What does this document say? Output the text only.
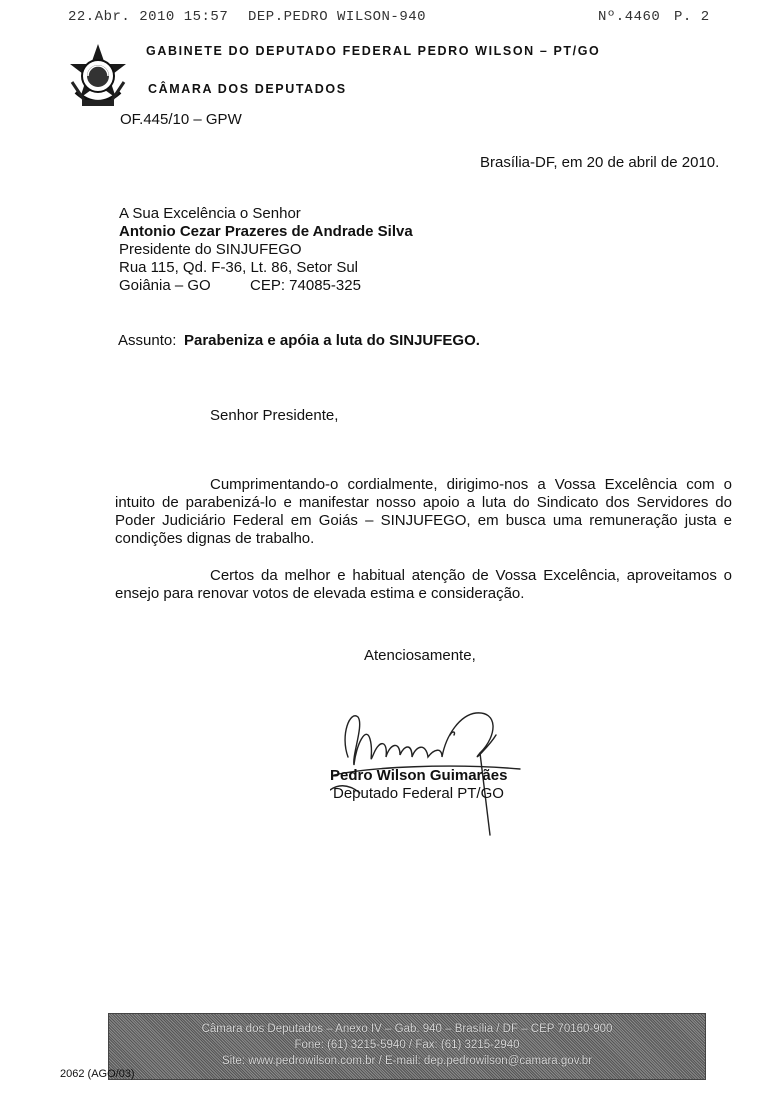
22.Abr. 2010 15:57 DEP.PEDRO WILSON-940	Nº.4460 P. 2
GABINETE DO DEPUTADO FEDERAL PEDRO WILSON – PT/GO
CÂMARA DOS DEPUTADOS
OF.445/10 – GPW
Brasília-DF, em 20 de abril de 2010.
A Sua Excelência o Senhor
Antonio Cezar Prazeres de Andrade Silva
Presidente do SINJUFEGO
Rua 115, Qd. F-36, Lt. 86, Setor Sul
Goiânia – GO	CEP: 74085-325
Assunto: Parabeniza e apóia a luta do SINJUFEGO.
Senhor Presidente,
Cumprimentando-o cordialmente, dirigimo-nos a Vossa Excelência com o intuito de parabenizá-lo e manifestar nosso apoio a luta do Sindicato dos Servidores do Poder Judiciário Federal em Goiás – SINJUFEGO, em busca uma remuneração justa e condições dignas de trabalho.
Certos da melhor e habitual atenção de Vossa Excelência, aproveitamos o ensejo para renovar votos de elevada estima e consideração.
Atenciosamente,
Pedro Wilson Guimarães
Deputado Federal PT/GO
Câmara dos Deputados – Anexo IV – Gab. 940 – Brasília / DF – CEP 70160-900
Fone: (61) 3215-5940 / Fax: (61) 3215-2940
Site: www.pedrowilson.com.br / E-mail: dep.pedrowilson@camara.gov.br
2062 (AGO/03)
